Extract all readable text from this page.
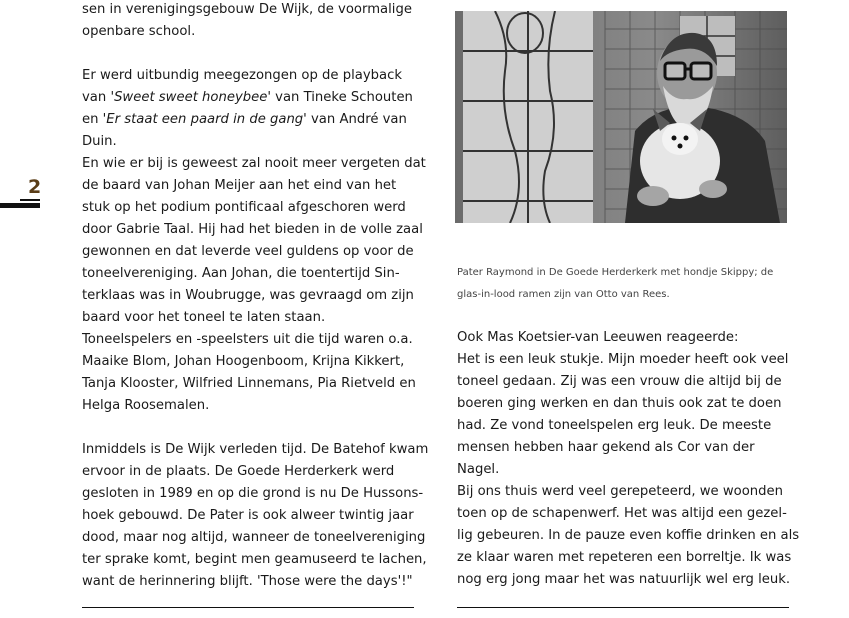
2
sen in verenigingsgebouw De Wijk, de voormalige
openbare school.
Er werd uitbundig meegezongen op de playback
van 'Sweet sweet honeybee' van Tineke Schouten
en 'Er staat een paard in de gang' van André van
Duin.
En wie er bij is geweest zal nooit meer vergeten dat
de baard van Johan Meijer aan het eind van het
stuk op het podium pontificaal afgeschoren werd
door Gabrie Taal. Hij had het bieden in de volle zaal
gewonnen en dat leverde veel guldens op voor de
toneelvereniging. Aan Johan, die toentertijd Sin-
terklaas was in Woubrugge, was gevraagd om zijn
baard voor het toneel te laten staan.
Toneelspelers en -speelsters uit die tijd waren o.a.
Maaike Blom, Johan Hoogenboom, Krijna Kikkert,
Tanja Klooster, Wilfried Linnemans, Pia Rietveld en
Helga Roosemalen.
Inmiddels is De Wijk verleden tijd. De Batehof kwam
ervoor in de plaats. De Goede Herderkerk werd
gesloten in 1989 en op die grond is nu De Hussons-
hoek gebouwd. De Pater is ook alweer twintig jaar
dood, maar nog altijd, wanneer de toneelvereniging
ter sprake komt, begint men geamuseerd te lachen,
want de herinnering blijft. 'Those were the days'!"
Pater Raymond in De Goede Herderkerk met hondje Skippy; de
glas-in-lood ramen zijn van Otto van Rees.
Ook Mas Koetsier-van Leeuwen reageerde:
Het is een leuk stukje. Mijn moeder heeft ook veel
toneel gedaan. Zij was een vrouw die altijd bij de
boeren ging werken en dan thuis ook zat te doen
had. Ze vond toneelspelen erg leuk. De meeste
mensen hebben haar gekend als Cor van der
Nagel.
Bij ons thuis werd veel gerepeteerd, we woonden
toen op de schapenwerf. Het was altijd een gezel-
lig gebeuren. In de pauze even koffie drinken en als
ze klaar waren met repeteren een borreltje. Ik was
nog erg jong maar het was natuurlijk wel erg leuk.
